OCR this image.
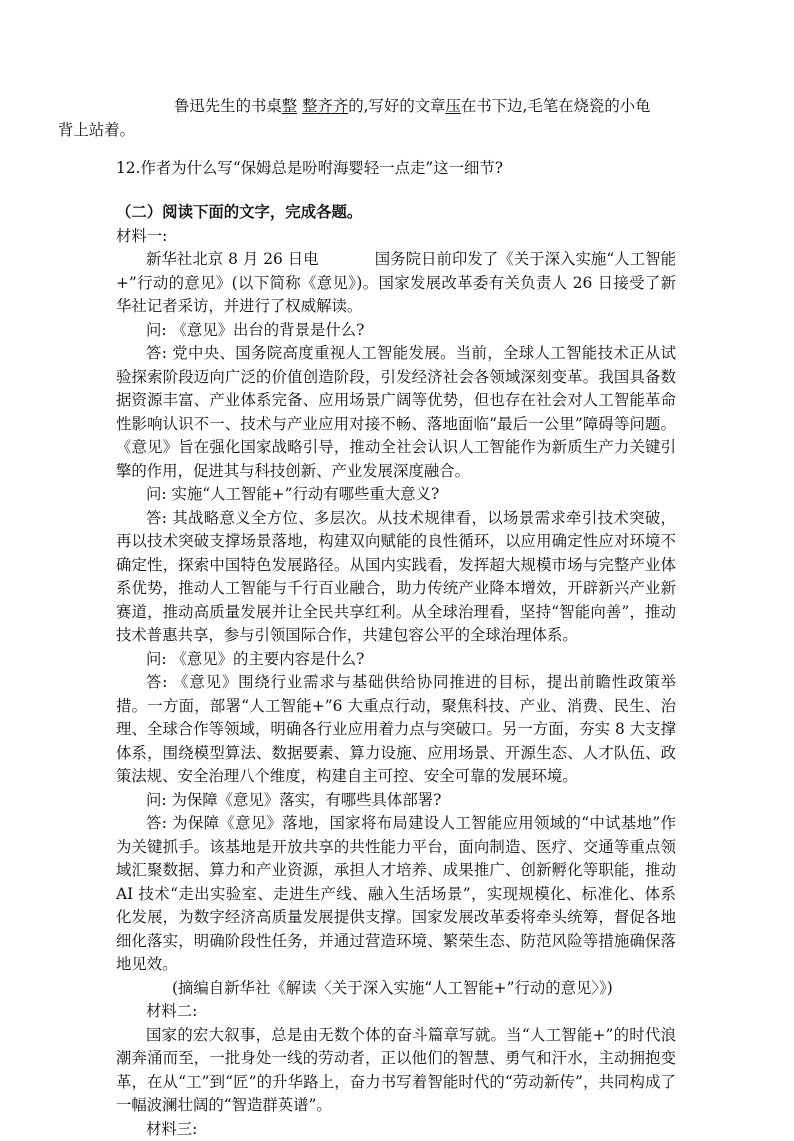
鲁迅先生的书桌整 整齐齐的,写好的文章压在书下边,毛笔在烧瓷的小龟
背上站着。

12.作者为什么写“保姆总是吩咐海婴轻一点走”这一细节?

（二）阅读下面的文字，完成各题。

材料一:

新华社北京 8 月 26 日电	国务院日前印发了《关于深入实施“人工智能+”行动的意见》(以下简称《意见》)。国家发展改革委有关负责人 26 日接受了新华社记者采访，并进行了权威解读。

问: 《意见》出台的背景是什么?

答: 党中央、国务院高度重视人工智能发展。当前，全球人工智能技术正从试验探索阶段迈向广泛的价值创造阶段，引发经济社会各领域深刻变革。我国具备数据资源丰富、产业体系完备、应用场景广阔等优势，但也存在社会对人工智能革命性影响认识不一、技术与产业应用对接不畅、落地面临“最后一公里”障碍等问题。《意见》旨在强化国家战略引导，推动全社会认识人工智能作为新质生产力关键引擎的作用，促进其与科技创新、产业发展深度融合。

问: 实施“人工智能+”行动有哪些重大意义?

答: 其战略意义全方位、多层次。从技术规律看，以场景需求牵引技术突破，再以技术突破支撑场景落地，构建双向赋能的良性循环，以应用确定性应对环境不确定性，探索中国特色发展路径。从国内实践看，发挥超大规模市场与完整产业体系优势，推动人工智能与千行百业融合，助力传统产业降本增效，开辟新兴产业新赛道，推动高质量发展并让全民共享红利。从全球治理看，坚持“智能向善”，推动技术普惠共享，参与引领国际合作，共建包容公平的全球治理体系。

问: 《意见》的主要内容是什么?

答: 《意见》围绕行业需求与基础供给协同推进的目标，提出前瞻性政策举措。一方面，部署“人工智能+”6 大重点行动，聚焦科技、产业、消费、民生、治理、全球合作等领域，明确各行业应用着力点与突破口。另一方面，夯实 8 大支撑体系，围绕模型算法、数据要素、算力设施、应用场景、开源生态、人才队伍、政策法规、安全治理八个维度，构建自主可控、安全可靠的发展环境。

问: 为保障《意见》落实，有哪些具体部署?

答: 为保障《意见》落地，国家将布局建设人工智能应用领域的“中试基地”作为关键抓手。该基地是开放共享的共性能力平台，面向制造、医疗、交通等重点领域汇聚数据、算力和产业资源，承担人才培养、成果推广、创新孵化等职能，推动 AI 技术“走出实验室、走进生产线、融入生活场景”，实现规模化、标准化、体系化发展，为数字经济高质量发展提供支撑。国家发展改革委将牵头统筹，督促各地细化落实，明确阶段性任务，并通过营造环境、繁荣生态、防范风险等措施确保落地见效。

(摘编自新华社《解读〈关于深入实施“人工智能+”行动的意见〉》)

材料二:

国家的宏大叙事，总是由无数个体的奋斗篇章写就。当“人工智能+”的时代浪潮奔涌而至，一批身处一线的劳动者，正以他们的智慧、勇气和汗水，主动拥抱变革，在从“工”到“匠”的升华路上，奋力书写着智能时代的“劳动新传”，共同构成了一幅波澜壮阔的“智造群英谱”。

材料三:
